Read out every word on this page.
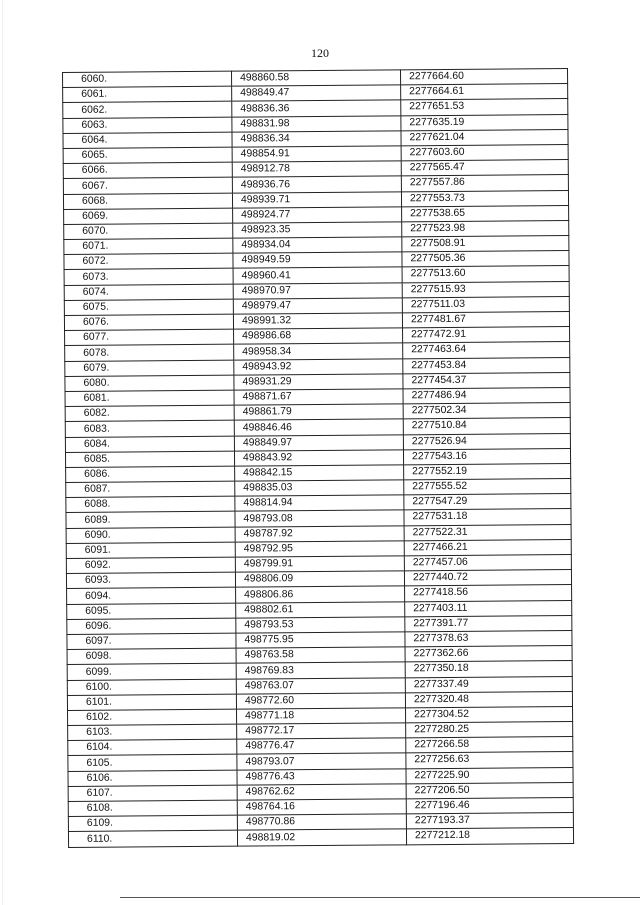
120
6060.	498860.58	2277664.60
6061.	498849.47	2277664.61
6062.	498836.36	2277651.53
6063.	498831.98	2277635.19
6064.	498836.34	2277621.04
6065.	498854.91	2277603.60
6066.	498912.78	2277565.47
6067.	498936.76	2277557.86
6068.	498939.71	2277553.73
6069.	498924.77	2277538.65
6070.	498923.35	2277523.98
6071.	498934.04	2277508.91
6072.	498949.59	2277505.36
6073.	498960.41	2277513.60
6074.	498970.97	2277515.93
6075.	498979.47	2277511.03
6076.	498991.32	2277481.67
6077.	498986.68	2277472.91
6078.	498958.34	2277463.64
6079.	498943.92	2277453.84
6080.	498931.29	2277454.37
6081.	498871.67	2277486.94
6082.	498861.79	2277502.34
6083.	498846.46	2277510.84
6084.	498849.97	2277526.94
6085.	498843.92	2277543.16
6086.	498842.15	2277552.19
6087.	498835.03	2277555.52
6088.	498814.94	2277547.29
6089.	498793.08	2277531.18
6090.	498787.92	2277522.31
6091.	498792.95	2277466.21
6092.	498799.91	2277457.06
6093.	498806.09	2277440.72
6094.	498806.86	2277418.56
6095.	498802.61	2277403.11
6096.	498793.53	2277391.77
6097.	498775.95	2277378.63
6098.	498763.58	2277362.66
6099.	498769.83	2277350.18
6100.	498763.07	2277337.49
6101.	498772.60	2277320.48
6102.	498771.18	2277304.52
6103.	498772.17	2277280.25
6104.	498776.47	2277266.58
6105.	498793.07	2277256.63
6106.	498776.43	2277225.90
6107.	498762.62	2277206.50
6108.	498764.16	2277196.46
6109.	498770.86	2277193.37
6110.	498819.02	2277212.18
